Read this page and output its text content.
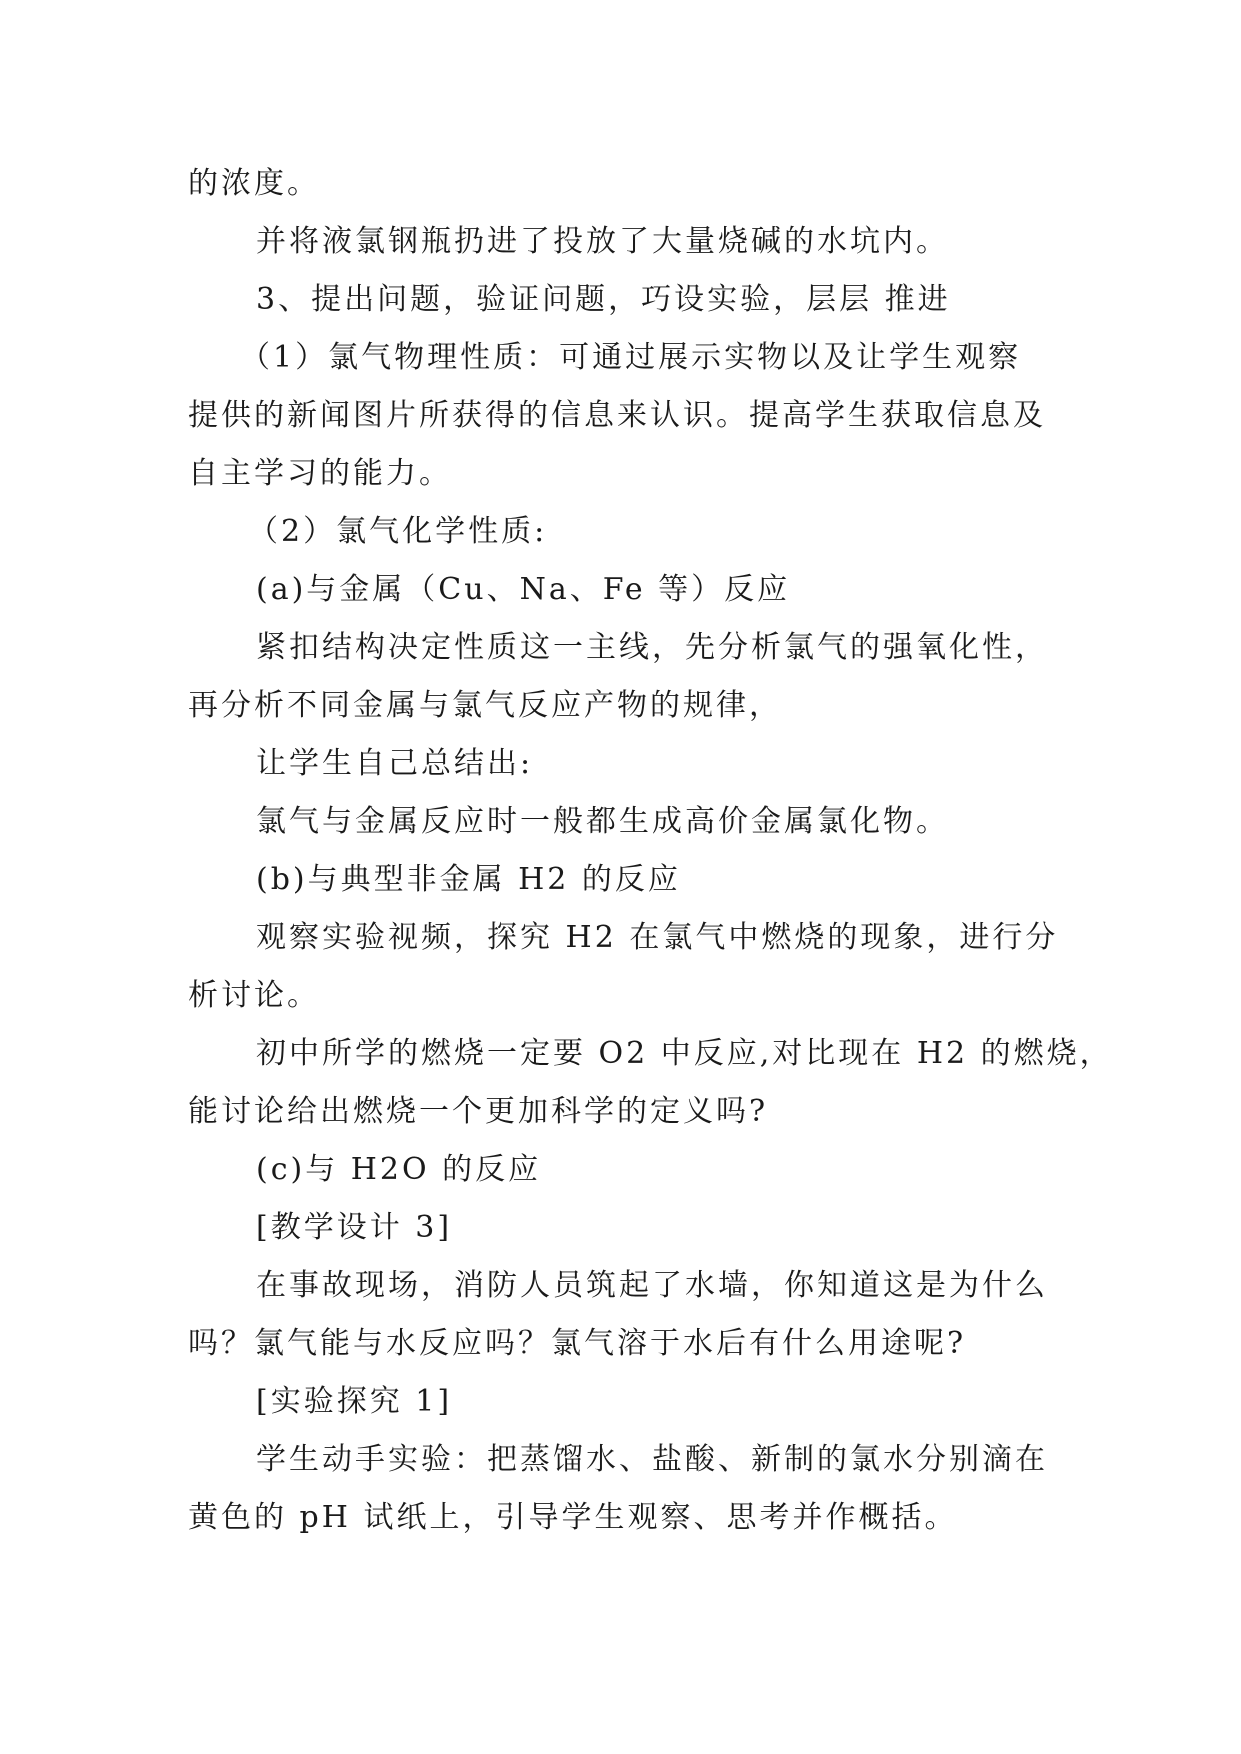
的浓度。
并将液氯钢瓶扔进了投放了大量烧碱的水坑内。
3、提出问题，验证问题，巧设实验，层层 推进
（1）氯气物理性质：可通过展示实物以及让学生观察
提供的新闻图片所获得的信息来认识。提高学生获取信息及
自主学习的能力。
（2）氯气化学性质:
(a)与金属（Cu、Na、Fe 等）反应
紧扣结构决定性质这一主线，先分析氯气的强氧化性，
再分析不同金属与氯气反应产物的规律，
让学生自己总结出:
氯气与金属反应时一般都生成高价金属氯化物。
(b)与典型非金属 H2 的反应
观察实验视频，探究 H2 在氯气中燃烧的现象，进行分
析讨论。
初中所学的燃烧一定要 O2 中反应,对比现在 H2 的燃烧，
能讨论给出燃烧一个更加科学的定义吗?
(c)与 H2O 的反应
[教学设计 3]
在事故现场，消防人员筑起了水墙，你知道这是为什么
吗？氯气能与水反应吗？氯气溶于水后有什么用途呢?
[实验探究 1]
学生动手实验：把蒸馏水、盐酸、新制的氯水分别滴在
黄色的 pH 试纸上，引导学生观察、思考并作概括。
